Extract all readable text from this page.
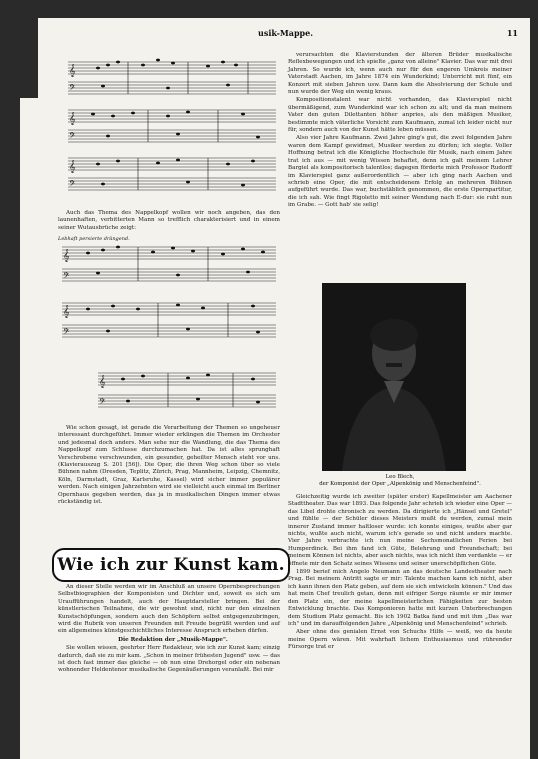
usik-Mappe.	11
𝄞
𝄢
𝄞
𝄢
𝄞
𝄢

Auch das Thema des Nappelkopf wollen wir noch angeben, das den launenhaften, verbitterten Mann so trefflich charakterisiert und in einem seiner Wutausbrüche zeigt:

Lebhaft persierte drängend.
𝄞
𝄢
𝄞
𝄢
𝄞
𝄢

Wie schon gesagt, ist gerade die Verarbeitung der Themen so ungeheuer interessant durchgeführt. Immer wieder erklingen die Themen im Orchester und jedesmal doch anders. Man sehe nur die Wandlung, die das Thema des Nappelkopf zum Schlusse durchzumachen hat. Da ist alles sprunghaft Verschrobene verschwunden, ein gesunder, geheilter Mensch steht vor uns. (Klavierauszug S. 201 [56]). Die Oper, die ihren Weg schon über so viele Bühnen nahm (Dresden, Teplitz, Zürich, Prag, Mannheim, Leipzig, Chemnitz, Köln, Darmstadt, Graz, Karlsruhe, Kassel) wird sicher immer populärer werden. Nach einigen Jahrzehnten wird sie vielleicht auch einmal im Berliner Opernhaus gegeben werden, das ja in musikalischen Dingen immer etwas rückständig ist.

Wie ich zur Kunst kam.

An dieser Stelle werden wir im Anschluß an unsere Opernbesprechungen Selbstbiographien der Komponisten und Dichter und, soweit es sich um Uraufführungen handelt, auch der Hauptdarsteller bringen. Bei der künstlerischen Teilnahme, die wir gewohnt sind, nicht nur den einzelnen Kunstschöpfungen, sondern auch den Schöpfern selbst entgegenzubringen, wird die Rubrik von unseren Freunden mit Freude begrüßt werden und auf ein allgemeines künstgeschichtliches Interesse Anspruch erheben dürfen.

Die Redaktion der „Musik-Mappe".

Sie wollen wissen, geehrter Herr Redakteur, wie ich zur Kunst kam; einzig dadurch, daß sie zu mir kam. „Schon in meiner frühesten Jugend" usw. — das ist doch fast immer das gleiche — ob nun eine Drehorgel oder ein nebenan wohnender Heldentenor musikalische Gegenäußerungen veranlaßt. Bei mir

verursachten die Klavierstunden der älteren Brüder musikalische Reflexbewegungen und ich spielte „ganz von alleine" Klavier. Das war mit drei Jahren. So wurde ich, wenn auch nur für den engeren Umkreis meiner Vaterstadt Aachen, im Jahre 1874 ein Wunderkind; Unterricht mit fünf, ein Konzert mit sieben Jahren usw. Dann kam die Absolvierung der Schule und nun wurde der Weg ein wenig kraus.

Kompositionstalent war nicht vorhanden, das Klavierspiel nicht übermäßigend, zum Wunderkind war ich schon zu alt; und da man meinem Vater den guten Dilettanten höher anpries, als den mäßigen Musiker, bestimmte mich väterliche Vorsicht zum Kaufmann, zumal ich leider nicht nur für, sondern auch von der Kunst hätte leben müssen.

Also vier Jahre Kaufmann. Zwei Jahre ging's gut, die zwei folgenden Jahre waren dem Kampf gewidmet, Musiker werden zu dürfen; ich siegte. Voller Hoffnung betrat ich die Königliche Hochschule für Musik, nach einem Jahre trat ich aus — mit wenig Wissen behaftet, denn ich galt meinem Lehrer Bargiel als kompositorisch talentlos; dagegen förderte mich Professor Rudorff im Klavierspiel ganz außerordentlich — aber ich ging nach Aachen und schrieb eine Oper, die mit entscheidenem Erfolg an mehreren Bühnen aufgeführt wurde. Das war, buchstäblich genommen, die erste Opernpartitur, die ich sah. Wie fingt Rigoletto mit seiner Wendung nach E-dur: sie ruht nun im Grabe. — Gott hab' sie selig!

Leo Blech,
der Komponist der Oper „Alpenkönig und Menschenfeind".

Gleichzeitig wurde ich zweiter (später erster) Kapellmeister am Aachener Stadttheater. Das war 1893. Das folgende Jahr schrieb ich wieder eine Oper — das Libel drohte chronisch zu werden. Da dirigierte ich „Hänsel und Gretel" und fühlte — der Schüler dieses Meisters mußt du werden, zumal mein innerer Zustand immer haltloser wurde: ich konnte einiges, wußte aber gar nichts, wußte auch nicht, warum ich's gerade so und nicht anders machte. Vier Jahre verbrachte ich nun meine Sechsmonatlichen Ferien bei Humperdinck. Bei ihm fand ich Güte, Belehrung und Freundschaft; bei meinem Können ist nichts, aber auch nichts, was ich nicht ihm verdankte — er öffnete mir den Schatz seines Wissens und seiner unerschöpflichen Güte.

1899 berief mich Angelo Neumann an das deutsche Landestheater nach Prag. Bei meinem Antritt sagte er mir: Talente machen kann ich nicht, aber ich kann ihnen den Platz geben, auf dem sie sich entwickeln können." Und das hat mein Chef treulich getan, denn mit eifriger Sorge räumte er mir immer den Platz ein, der meine kapellmeisterlichen Fähigkeiten zur besten Entwicklung brachte. Das Komponieren hatte mit kurzen Unterbrechungen dem Studium Platz gemacht. Bis ich 1902 Batka fand und mit ihm „Das war ich" und im darauffolgenden Jahre „Alpenkönig und Menschenfeind" schrieb.

Aber ohne des genialen Ernst von Schuchs Hilfe — weiß, wo da heute meine Opern wären. Mit wahrhaft lichem Enthusiasmus und rührender Fürsorge trat er
